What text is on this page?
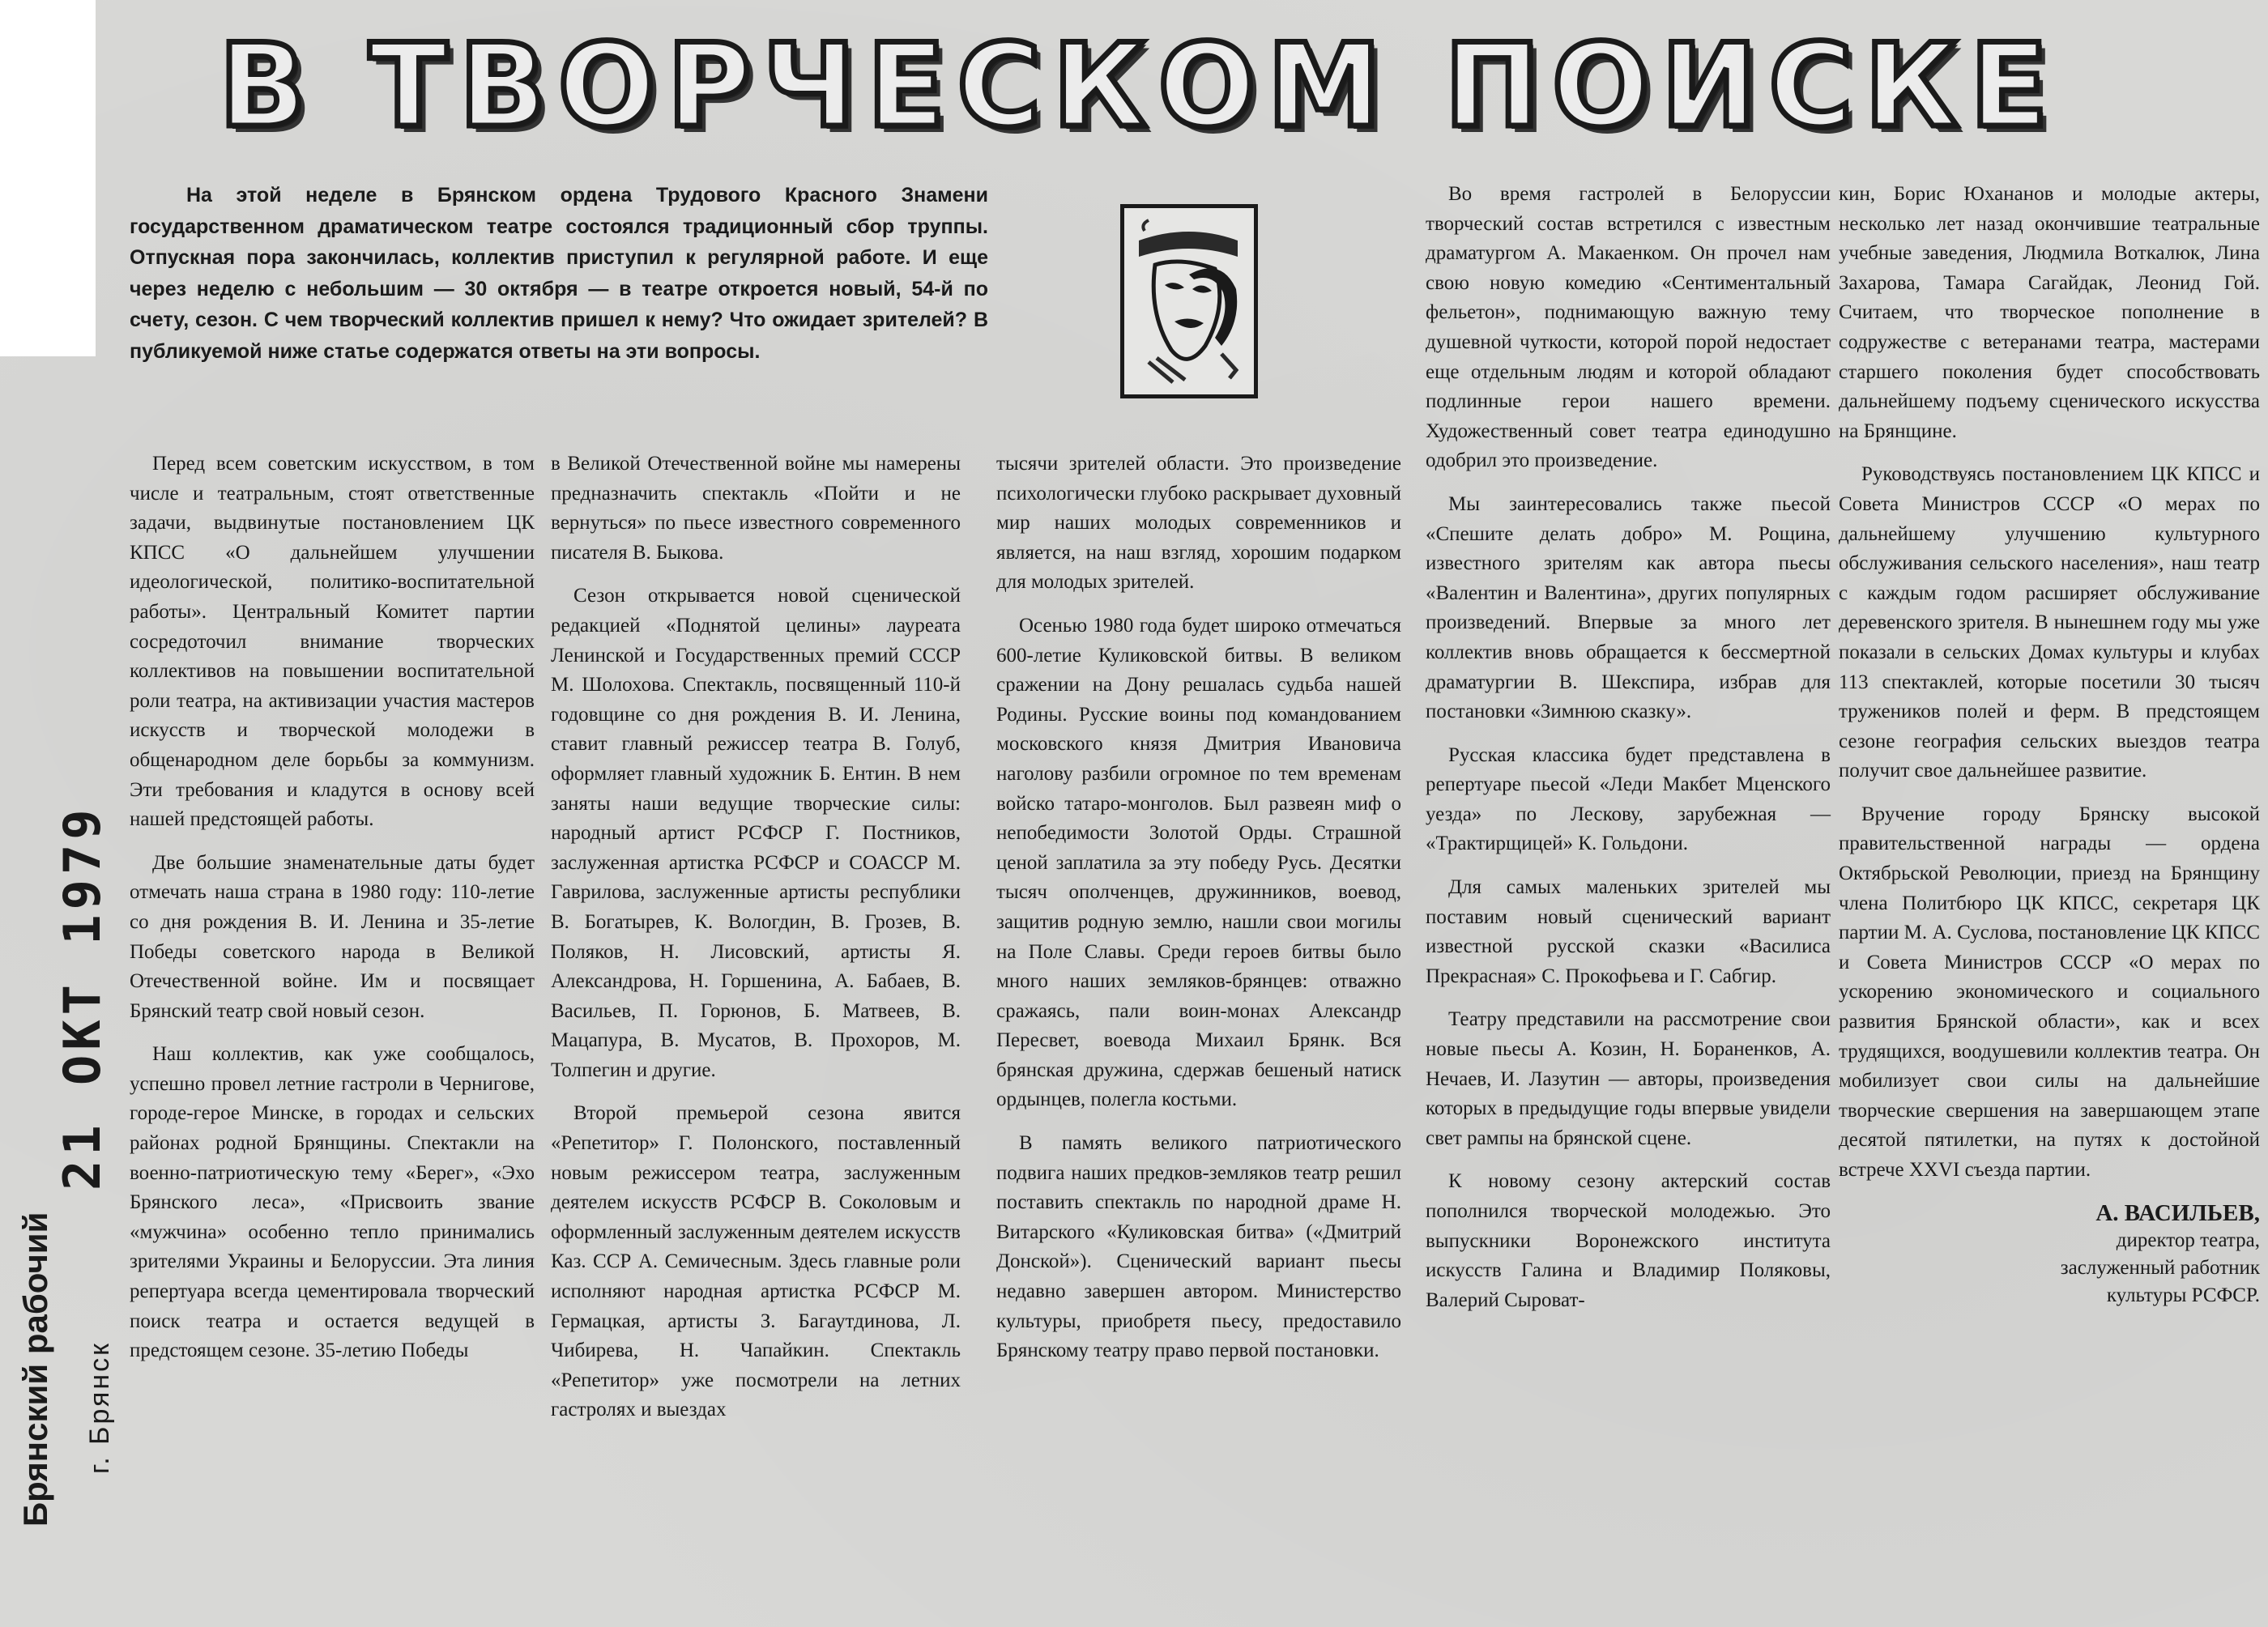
В ТВОРЧЕСКОМ ПОИСКЕ

На этой неделе в Брянском ордена Трудового Красного Знамени государственном драматическом театре состоялся традиционный сбор труппы. Отпускная пора закончилась, коллектив приступил к регулярной работе. И еще через неделю с небольшим — 30 октября — в театре откроется новый, 54-й по счету, сезон. С чем творческий коллектив пришел к нему? Что ожидает зрителей? В публикуемой ниже статье содержатся ответы на эти вопросы.

21 ОКТ 1979
Брянский рабочий г. Брянск

Перед всем советским искусством, в том числе и театральным, стоят ответственные задачи, выдвинутые постановлением ЦК КПСС «О дальнейшем улучшении идеологической, политико-воспитательной работы». Центральный Комитет партии сосредоточил внимание творческих коллективов на повышении воспитательной роли театра, на активизации участия мастеров искусств и творческой молодежи в общенародном деле борьбы за коммунизм. Эти требования и кладутся в основу всей нашей предстоящей работы.

Две большие знаменательные даты будет отмечать наша страна в 1980 году: 110-летие со дня рождения В. И. Ленина и 35-летие Победы советского народа в Великой Отечественной войне. Им и посвящает Брянский театр свой новый сезон.

Наш коллектив, как уже сообщалось, успешно провел летние гастроли в Чернигове, городе-герое Минске, в городах и сельских районах родной Брянщины. Спектакли на военно-патриотическую тему «Берег», «Эхо Брянского леса», «Присвоить звание «мужчина» особенно тепло принимались зрителями Украины и Белоруссии. Эта линия репертуара всегда цементировала творческий поиск театра и остается ведущей в предстоящем сезоне. 35-летию Победы

в Великой Отечественной войне мы намерены предназначить спектакль «Пойти и не вернуться» по пьесе известного современного писателя В. Быкова.

Сезон открывается новой сценической редакцией «Поднятой целины» лауреата Ленинской и Государственных премий СССР М. Шолохова. Спектакль, посвященный 110-й годовщине со дня рождения В. И. Ленина, ставит главный режиссер театра В. Голуб, оформляет главный художник Б. Ентин. В нем заняты наши ведущие творческие силы: народный артист РСФСР Г. Постников, заслуженная артистка РСФСР и СОАССР М. Гаврилова, заслуженные артисты республики В. Богатырев, К. Вологдин, В. Грозев, В. Поляков, Н. Лисовский, артисты Я. Александрова, Н. Горшенина, А. Бабаев, В. Васильев, П. Горюнов, Б. Матвеев, В. Мацапура, В. Мусатов, В. Прохоров, М. Толпегин и другие.

Второй премьерой сезона явится «Репетитор» Г. Полонского, поставленный новым режиссером театра, заслуженным деятелем искусств РСФСР В. Соколовым и оформленный заслуженным деятелем искусств Каз. ССР А. Семичесным. Здесь главные роли исполняют народная артистка РСФСР М. Гермацкая, артисты З. Багаутдинова, Л. Чибирева, Н. Чапайкин. Спектакль «Репетитор» уже посмотрели на летних гастролях и выездах

тысячи зрителей области. Это произведение психологически глубоко раскрывает духовный мир наших молодых современников и является, на наш взгляд, хорошим подарком для молодых зрителей.

Осенью 1980 года будет широко отмечаться 600-летие Куликовской битвы. В великом сражении на Дону решалась судьба нашей Родины. Русские воины под командованием московского князя Дмитрия Ивановича наголову разбили огромное по тем временам войско татаро-монголов. Был развеян миф о непобедимости Золотой Орды. Страшной ценой заплатила за эту победу Русь. Десятки тысяч ополченцев, дружинников, воевод, защитив родную землю, нашли свои могилы на Поле Славы. Среди героев битвы было много наших земляков-брянцев: отважно сражаясь, пали воин-монах Александр Пересвет, воевода Михаил Брянк. Вся брянская дружина, сдержав бешеный натиск ордынцев, полегла костьми.

В память великого патриотического подвига наших предков-земляков театр решил поставить спектакль по народной драме Н. Витарского «Куликовская битва» («Дмитрий Донской»). Сценический вариант пьесы недавно завершен автором. Министерство культуры, приобретя пьесу, предоставило Брянскому театру право первой постановки.

Во время гастролей в Белоруссии творческий состав встретился с известным драматургом А. Макаенком. Он прочел нам свою новую комедию «Сентиментальный фельетон», поднимающую важную тему душевной чуткости, которой порой недостает еще отдельным людям и которой обладают подлинные герои нашего времени. Художественный совет театра единодушно одобрил это произведение.

Мы заинтересовались также пьесой «Спешите делать добро» М. Рощина, известного зрителям как автора пьесы «Валентин и Валентина», других популярных произведений. Впервые за много лет коллектив вновь обращается к бессмертной драматургии В. Шекспира, избрав для постановки «Зимнюю сказку».

Русская классика будет представлена в репертуаре пьесой «Леди Макбет Мценского уезда» по Лескову, зарубежная — «Трактирщицей» К. Гольдони.

Для самых маленьких зрителей мы поставим новый сценический вариант известной русской сказки «Василиса Прекрасная» С. Прокофьева и Г. Сабгир.

Театру представили на рассмотрение свои новые пьесы А. Козин, Н. Бораненков, А. Нечаев, И. Лазутин — авторы, произведения которых в предыдущие годы впервые увидели свет рампы на брянской сцене.

К новому сезону актерский состав пополнился творческой молодежью. Это выпускники Воронежского института искусств Галина и Владимир Поляковы, Валерий Сыроват-

кин, Борис Юхананов и молодые актеры, несколько лет назад окончившие театральные учебные заведения, Людмила Воткалюк, Лина Захарова, Тамара Сагайдак, Леонид Гой. Считаем, что творческое пополнение в содружестве с ветеранами театра, мастерами старшего поколения будет способствовать дальнейшему подъему сценического искусства на Брянщине.

Руководствуясь постановлением ЦК КПСС и Совета Министров СССР «О мерах по дальнейшему улучшению культурного обслуживания сельского населения», наш театр с каждым годом расширяет обслуживание деревенского зрителя. В нынешнем году мы уже показали в сельских Домах культуры и клубах 113 спектаклей, которые посетили 30 тысяч тружеников полей и ферм. В предстоящем сезоне география сельских выездов театра получит свое дальнейшее развитие.

Вручение городу Брянску высокой правительственной награды — ордена Октябрьской Революции, приезд на Брянщину члена Политбюро ЦК КПСС, секретаря ЦК партии М. А. Суслова, постановление ЦК КПСС и Совета Министров СССР «О мерах по ускорению экономического и социального развития Брянской области», как и всех трудящихся, воодушевили коллектив театра. Он мобилизует свои силы на дальнейшие творческие свершения на завершающем этапе десятой пятилетки, на путях к достойной встрече XXVI съезда партии.

А. ВАСИЛЬЕВ,
директор театра,
заслуженный работник
культуры РСФСР.
